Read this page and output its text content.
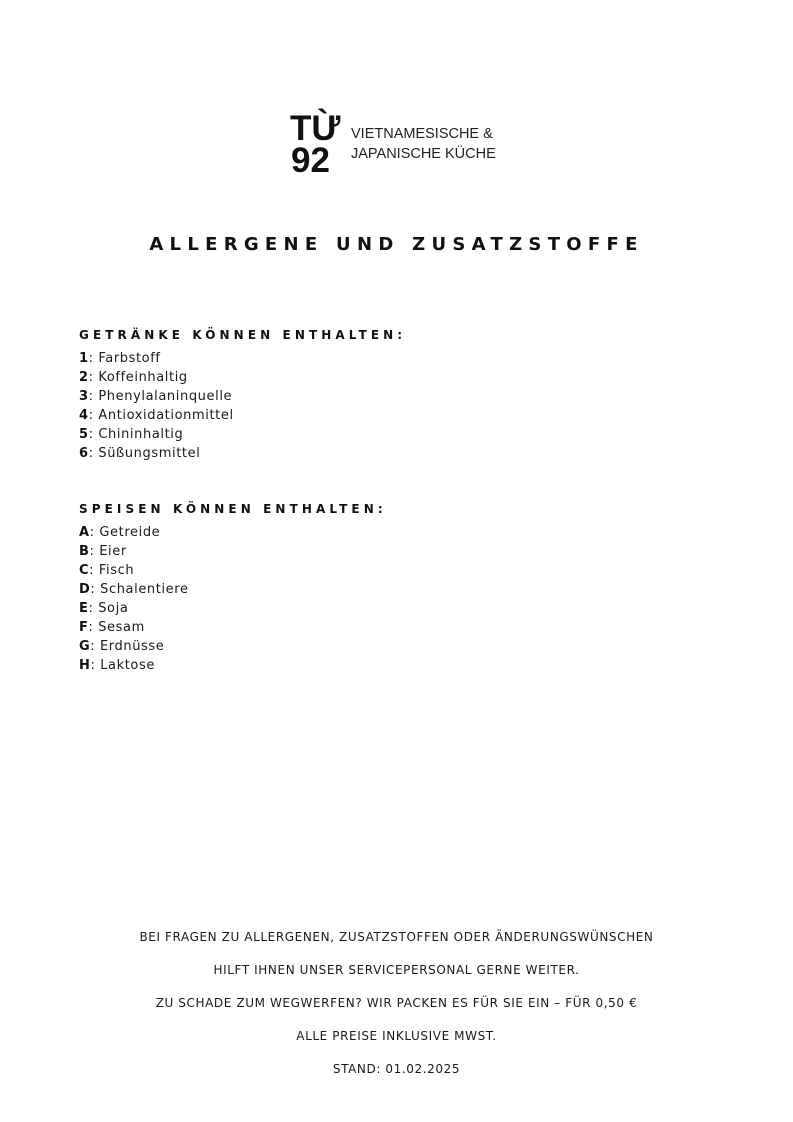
TỪ
92
VIETNAMESISCHE &
JAPANISCHE KÜCHE
ALLERGENE UND ZUSATZSTOFFE
GETRÄNKE KÖNNEN ENTHALTEN:
1: Farbstoff
2: Koffeinhaltig
3: Phenylalaninquelle
4: Antioxidationmittel
5: Chininhaltig
6: Süßungsmittel
SPEISEN KÖNNEN ENTHALTEN:
A: Getreide
B: Eier
C: Fisch
D: Schalentiere
E: Soja
F: Sesam
G: Erdnüsse
H: Laktose
BEI FRAGEN ZU ALLERGENEN, ZUSATZSTOFFEN ODER ÄNDERUNGSWÜNSCHEN
HILFT IHNEN UNSER SERVICEPERSONAL GERNE WEITER.
ZU SCHADE ZUM WEGWERFEN? WIR PACKEN ES FÜR SIE EIN – FÜR 0,50 €
ALLE PREISE INKLUSIVE MWST.
STAND: 01.02.2025
